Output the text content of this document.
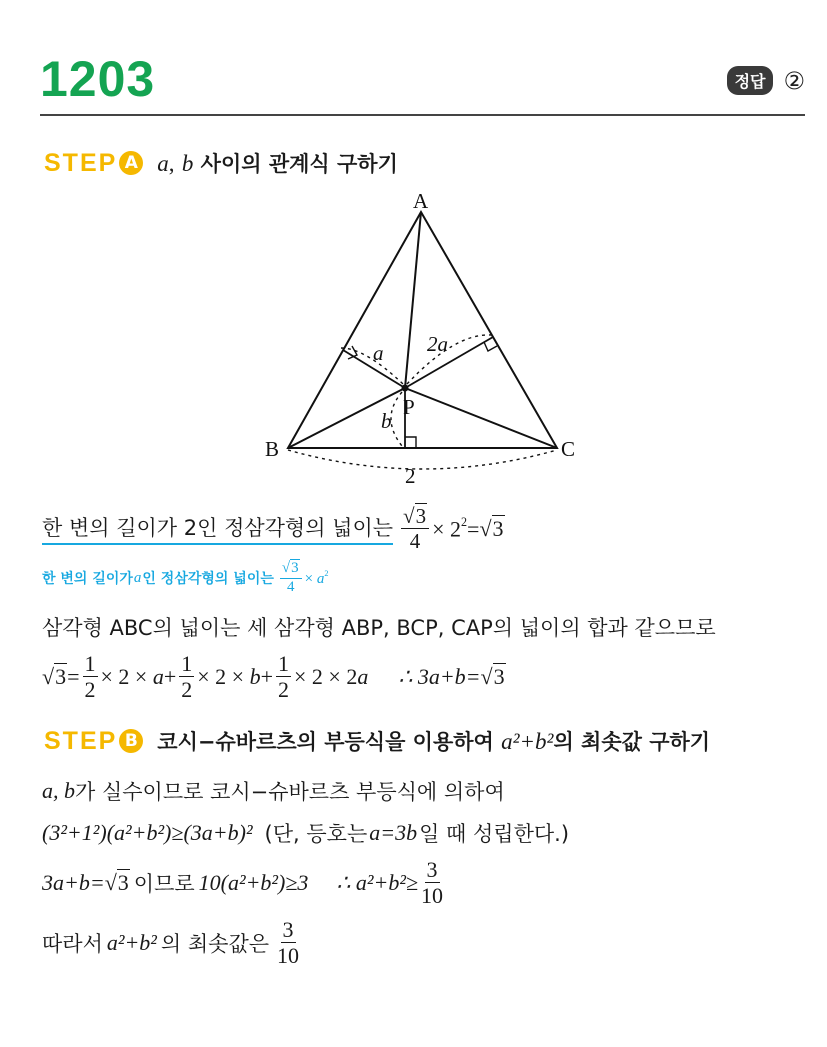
1203	정답 ②
STEP A a ,
b
사이의 관계식 구하기
A
B	C
P
a 2a
b
2
한 변의 길이가 2인 정삼각형의 넓이는 $\frac{√3}{4} \times 2^2= √3$
한 변의 길이가 a 인 정삼각형의 넓이는 $\frac{√3}{4} \times a^2$
삼각형 ABC의 넓이는 세 삼각형 ABP, BCP, CAP의 넓이의 합과 같으므로
$√3 = \frac{1}{2} \times 2 \times a+ \frac{1}{2} \times 2 \times b+ \frac{1}{2} \times 2 \times 2a$ ∴ 3a+b=√3
STEP B 코시−슈바르츠의 부등식을 이용하여
a²+b² 의 최솟값 구하기
a, b 가 실수이므로 코시−슈바르츠 부등식에 의하여
(3²+1²)(a²+b²)≥(3a+b)² (단, 등호는 a=3b 일 때 성립한다.)
3a+b= √3 이므로 10(a²+b²)≥3 ∴ $a^2+b^2\ge \frac{3}{10}$
따라서 a²+b² 의 최솟값은 $\frac{3}{10}$
